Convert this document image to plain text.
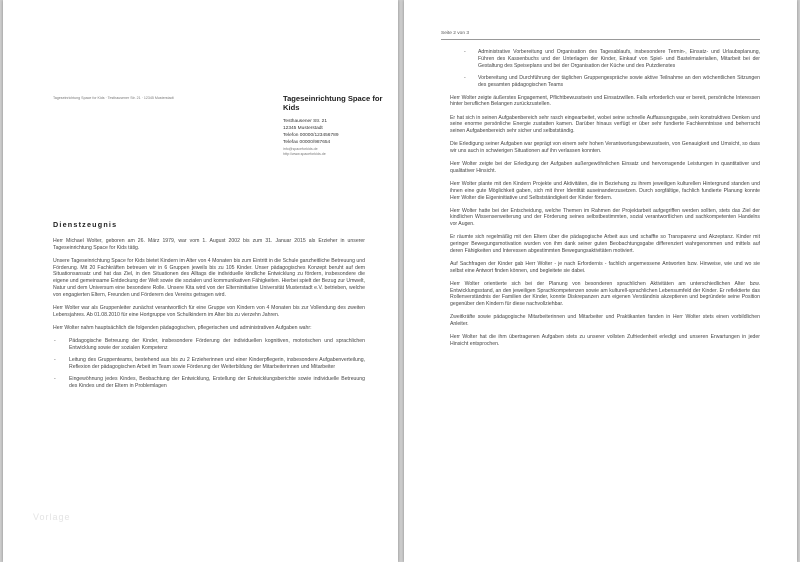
Tageseinrichtung Space for Kids · Testhausener Str. 21 · 12345 Musterstadt	Tageseinrichtung Space for Kids
Testhausener Str. 21
12345 Musterstadt
Telefon 00000/123456789
Telefax 00000/987654
info@spaceforkids.de
http://www.spaceforkids.de
Dienstzeugnis

Herr Michael Wolter, geboren am 26. März 1979, war vom 1. August 2002 bis zum 31. Januar 2015 als Erzieher in unserer Tageseinrichtung Space for Kids tätig.

Unsere Tageseinrichtung Space for Kids bietet Kindern im Alter von 4 Monaten bis zum Eintritt in die Schule ganzheitliche Betreuung und Förderung. Mit 20 Fachkräften betreuen wir in 6 Gruppen jeweils bis zu 105 Kinder. Unser pädagogisches Konzept beruht auf dem Situationsansatz und hat das Ziel, in den Situationen des Alltags die individuelle kindliche Entwicklung zu fördern, insbesondere die eigene und gemeinsame Entdeckung der Welt sowie die sozialen und kommunikativen Fähigkeiten. Hierbei spielt der Bezug zur Umwelt, Natur und dem Universum eine besondere Rolle. Unsere Kita wird von der Elterninitiative Universität Musterstadt e.V. betrieben, welche von engagierten Eltern, Freunden und Förderern des Vereins getragen wird.

Herr Wolter war als Gruppenleiter zunächst verantwortlich für eine Gruppe von Kindern von 4 Monaten bis zur Vollendung des zweiten Lebensjahres. Ab 01.08.2010 für eine Hortgruppe von Schulkindern im Alter bis zu vierzehn Jahren.

Herr Wolter nahm hauptsächlich die folgenden pädagogischen, pflegerischen und administrativen Aufgaben wahr:

-	Pädagogische Betreuung der Kinder, insbesondere Förderung der individuellen kognitiven, motorischen und sprachlichen Entwicklung sowie der sozialen Kompetenz
-	Leitung des Gruppenteams, bestehend aus bis zu 2 Erzieherinnen und einer Kinderpflegerin, insbesondere Aufgabenverteilung, Reflexion der pädagogischen Arbeit im Team sowie Förderung der Weiterbildung der Mitarbeiterinnen und Mitarbeiter
-	Eingewöhnung jedes Kindes, Beobachtung der Entwicklung, Erstellung der Entwicklungsberichte sowie individuelle Betreuung des Kindes und der Eltern in Problemlagen
Vorlage
Seite 2 von 3
- Administrative Vorbereitung und Organisation des Tagesablaufs, insbesondere Termin-, Einsatz- und Urlaubsplanung, Führen des Kassenbuchs und der Unterlagen der Kinder, Einkauf von Spiel- und Bastelmaterialien, Mitarbeit bei der Gestaltung des Speiseplans und bei der Organisation der Küche und des Putzdienstes
- Vorbereitung und Durchführung der täglichen Gruppengespräche sowie aktive Teilnahme an den wöchentlichen Sitzungen des gesamten pädagogischen Teams

Herr Wolter zeigte äußerstes Engagement, Pflichtbewusstsein und Einsatzwillen. Falls erforderlich war er bereit, persönliche Interessen hinter beruflichen Belangen zurückzustellen.

Er hat sich in seinen Aufgabenbereich sehr rasch eingearbeitet, wobei seine schnelle Auffassungsgabe, sein konstruktives Denken und seine enorme persönliche Energie zustatten kamen. Darüber hinaus verfügt er über sehr fundierte Fachkenntnisse und beherrscht seinen Aufgabenbereich sehr sicher und selbstständig.

Die Erledigung seiner Aufgaben war geprägt von einem sehr hohen Verantwortungsbewusstsein, von Genauigkeit und Umsicht, so dass wir uns auch in schwierigen Situationen auf ihn verlassen konnten.

Herr Wolter zeigte bei der Erledigung der Aufgaben außergewöhnlichen Einsatz und hervorragende Leistungen in quantitativer und qualitativer Hinsicht.

Herr Wolter plante mit den Kindern Projekte und Aktivitäten, die in Beziehung zu ihrem jeweiligen kulturellen Hintergrund standen und ihnen eine gute Möglichkeit gaben, sich mit ihrer Identität auseinanderzusetzen. Durch sorgfältige, fachlich fundierte Planung konnte Herr Wolter die Eigeninitiative und Selbstständigkeit der Kinder fördern.

Herr Wolter hatte bei der Entscheidung, welche Themen im Rahmen der Projektarbeit aufgegriffen werden sollten, stets das Ziel der kindlichen Wissenserweiterung und der Förderung seines selbstbestimmten, sozial verantwortlichen und sachkompetenten Handelns vor Augen.

Er räumte sich regelmäßig mit den Eltern über die pädagogische Arbeit aus und schaffte so Transparenz und Akzeptanz. Kinder mit geringer Bewegungsmotivation wurden von ihm dank seiner guten Beobachtungsgabe differenziert wahrgenommen und mittels auf deren Fähigkeiten und Interessen abgestimmten Bewegungsaktivitäten motiviert.

Auf Sachfragen der Kinder gab Herr Wolter - je nach Erfordernis - fachlich angemessene Antworten bzw. Hinweise, wie und wo sie selbst eine Antwort finden können, und begleitete sie dabei.

Herr Wolter orientierte sich bei der Planung von besonderen sprachlichen Aktivitäten am unterschiedlichen Alter bzw. Entwicklungsstand, an den jeweiligen Sprachkompetenzen sowie am kulturell-sprachlichen Lebensumfeld der Kinder. Er reflektierte das Rollenverständnis der Familien der Kinder, konnte Diskrepanzen zum eigenen Verständnis akzeptieren und begründete seine Position gegenüber den Kindern für diese nachvollziehbar.

Zweitkräfte sowie pädagogische Mitarbeiterinnen und Mitarbeiter und Praktikanten fanden in Herr Wolter stets einen vorbildlichen Anleiter.

Herr Wolter hat die ihm übertragenen Aufgaben stets zu unserer vollsten Zufriedenheit erledigt und unseren Erwartungen in jeder Hinsicht entsprochen.
